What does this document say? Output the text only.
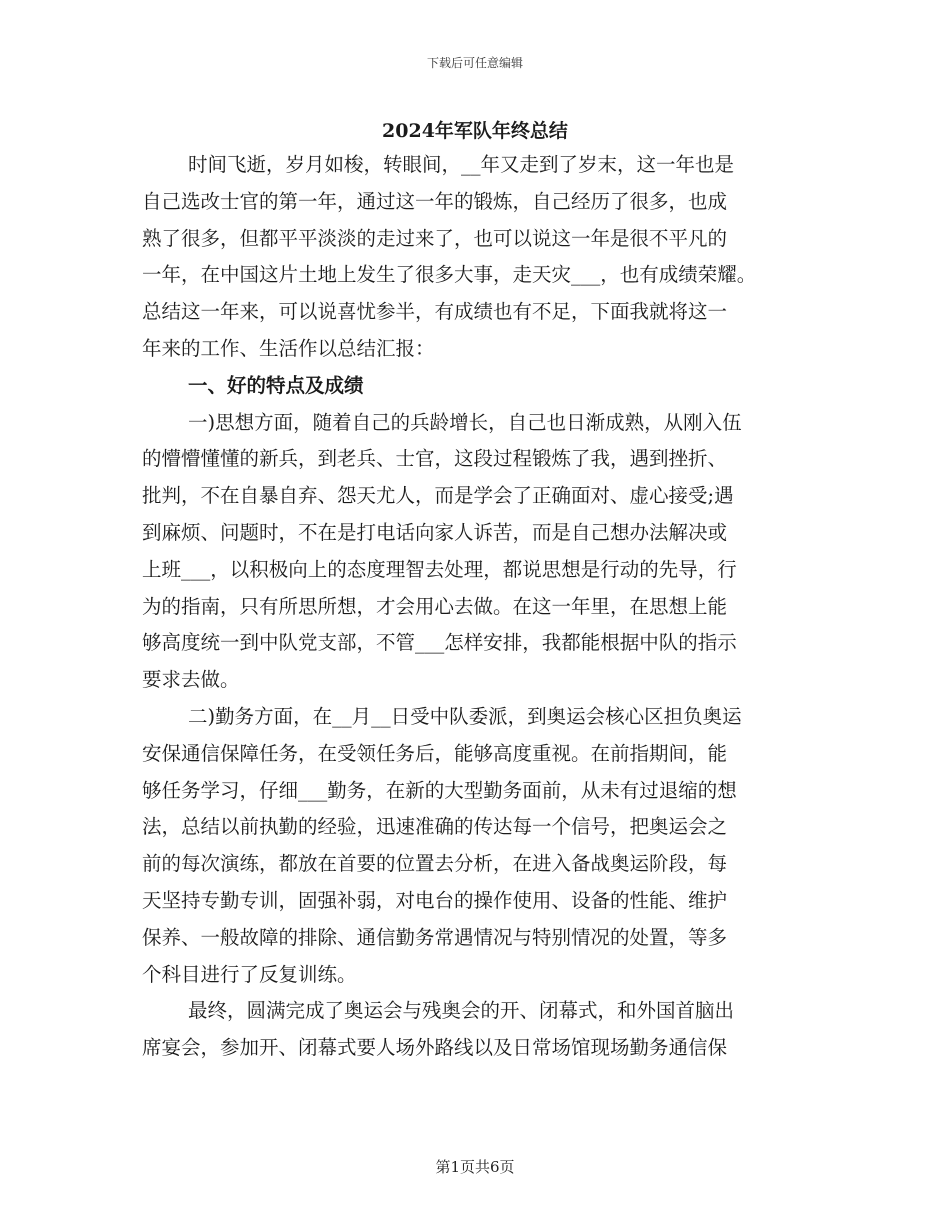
下载后可任意编辑
2024年军队年终总结
时间飞逝，岁月如梭，转眼间，__年又走到了岁末，这一年也是
自己选改士官的第一年，通过这一年的锻炼，自己经历了很多，也成
熟了很多，但都平平淡淡的走过来了，也可以说这一年是很不平凡的
一年，在中国这片土地上发生了很多大事，走天灾___，也有成绩荣耀。
总结这一年来，可以说喜忧参半，有成绩也有不足，下面我就将这一
年来的工作、生活作以总结汇报：
一、好的特点及成绩
一)思想方面，随着自己的兵龄增长，自己也日渐成熟，从刚入伍
的懵懵懂懂的新兵，到老兵、士官，这段过程锻炼了我，遇到挫折、
批判，不在自暴自弃、怨天尤人，而是学会了正确面对、虚心接受;遇
到麻烦、问题时，不在是打电话向家人诉苦，而是自己想办法解决或
上班___，以积极向上的态度理智去处理，都说思想是行动的先导，行
为的指南，只有所思所想，才会用心去做。在这一年里，在思想上能
够高度统一到中队党支部，不管___怎样安排，我都能根据中队的指示
要求去做。
二)勤务方面，在__月__日受中队委派，到奥运会核心区担负奥运
安保通信保障任务，在受领任务后，能够高度重视。在前指期间，能
够任务学习，仔细___勤务，在新的大型勤务面前，从未有过退缩的想
法，总结以前执勤的经验，迅速准确的传达每一个信号，把奥运会之
前的每次演练，都放在首要的位置去分析，在进入备战奥运阶段，每
天坚持专勤专训，固强补弱，对电台的操作使用、设备的性能、维护
保养、一般故障的排除、通信勤务常遇情况与特别情况的处置，等多
个科目进行了反复训练。
最终，圆满完成了奥运会与残奥会的开、闭幕式，和外国首脑出
席宴会，参加开、闭幕式要人场外路线以及日常场馆现场勤务通信保
第1页共6页
